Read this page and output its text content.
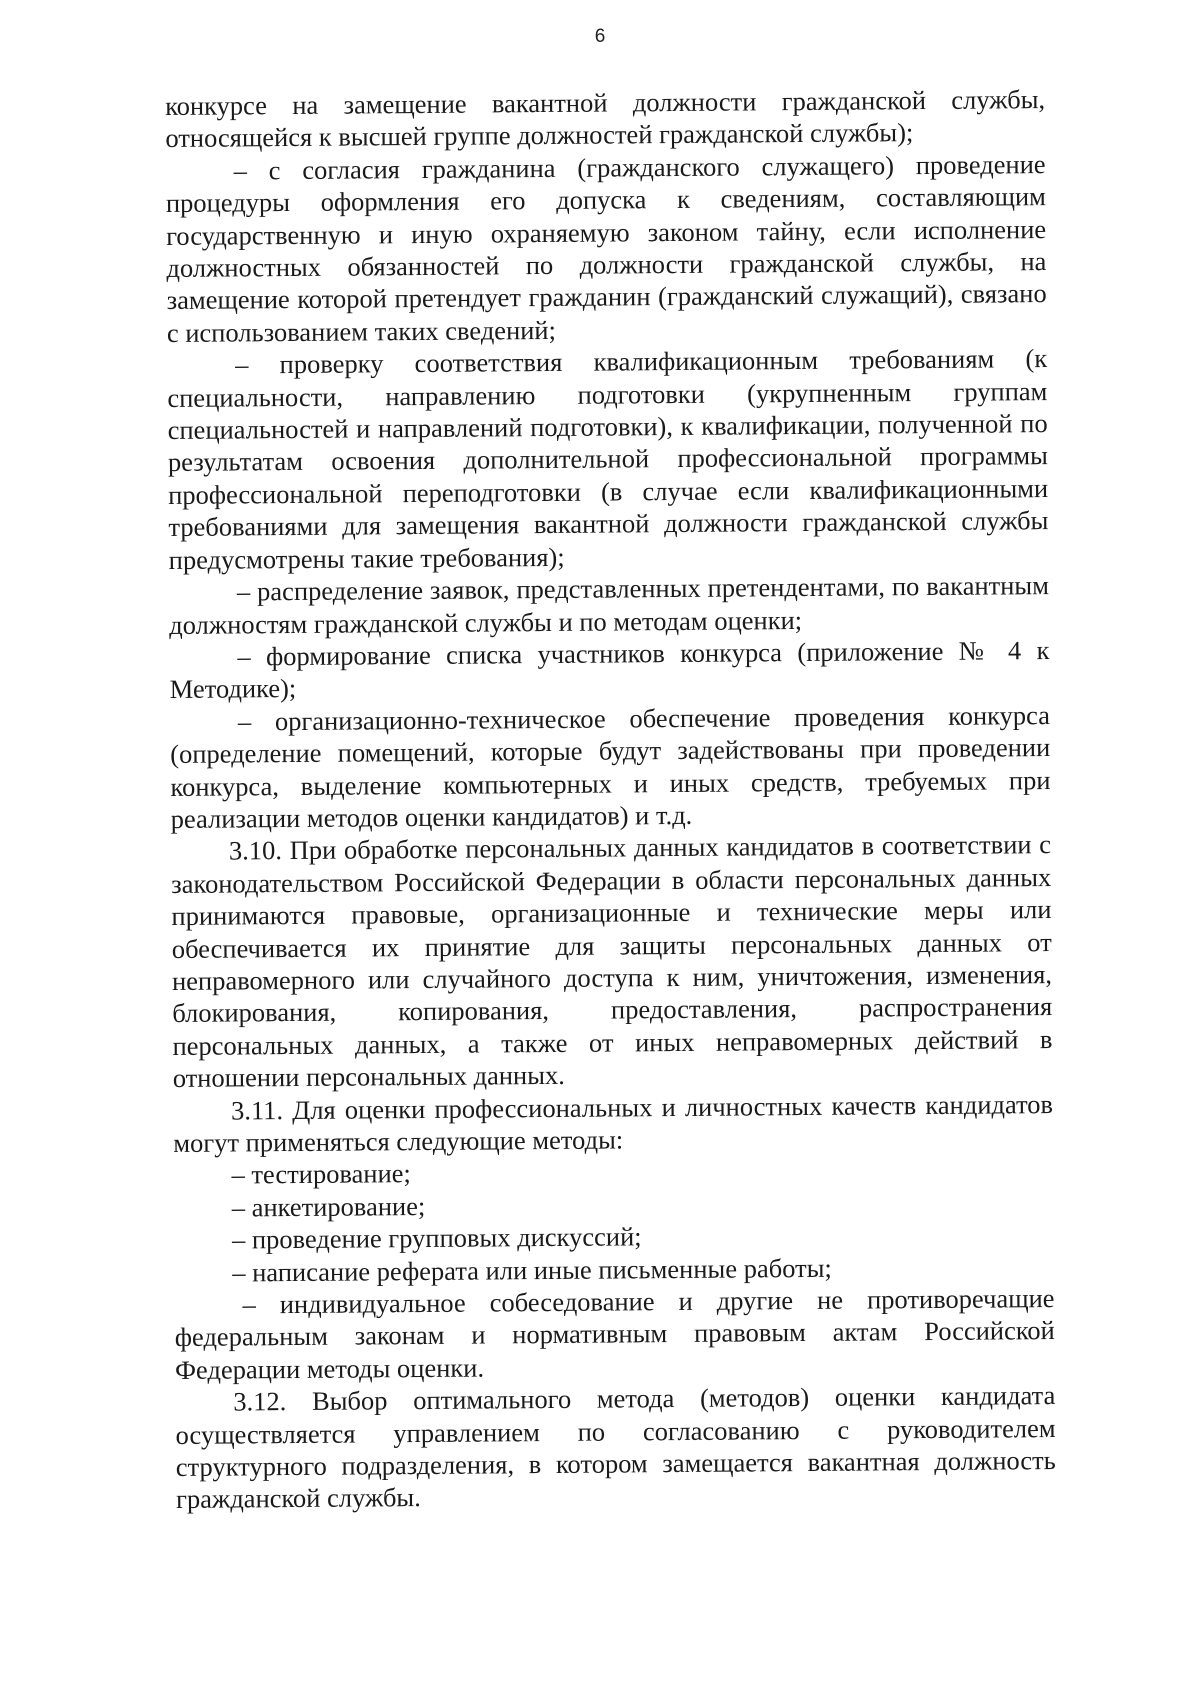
6

конкурсе на замещение вакантной должности гражданской службы, относящейся к высшей группе должностей гражданской службы);

– с согласия гражданина (гражданского служащего) проведение процедуры оформления его допуска к сведениям, составляющим государственную и иную охраняемую законом тайну, если исполнение должностных обязанностей по должности гражданской службы, на замещение которой претендует гражданин (гражданский служащий), связано с использованием таких сведений;

– проверку соответствия квалификационным требованиям (к специальности, направлению подготовки (укрупненным группам специальностей и направлений подготовки), к квалификации, полученной по результатам освоения дополнительной профессиональной программы профессиональной переподготовки (в случае если квалификационными требованиями для замещения вакантной должности гражданской службы предусмотрены такие требования);

– распределение заявок, представленных претендентами, по вакантным должностям гражданской службы и по методам оценки;

– формирование списка участников конкурса (приложение № 4 к Методике);

– организационно-техническое обеспечение проведения конкурса (определение помещений, которые будут задействованы при проведении конкурса, выделение компьютерных и иных средств, требуемых при реализации методов оценки кандидатов) и т.д.

3.10. При обработке персональных данных кандидатов в соответствии с законодательством Российской Федерации в области персональных данных принимаются правовые, организационные и технические меры или обеспечивается их принятие для защиты персональных данных от неправомерного или случайного доступа к ним, уничтожения, изменения, блокирования, копирования, предоставления, распространения персональных данных, а также от иных неправомерных действий в отношении персональных данных.

3.11. Для оценки профессиональных и личностных качеств кандидатов могут применяться следующие методы:

– тестирование;

– анкетирование;

– проведение групповых дискуссий;

– написание реферата или иные письменные работы;

– индивидуальное собеседование и другие не противоречащие федеральным законам и нормативным правовым актам Российской Федерации методы оценки.

3.12. Выбор оптимального метода (методов) оценки кандидата осуществляется управлением по согласованию с руководителем структурного подразделения, в котором замещается вакантная должность гражданской службы.
